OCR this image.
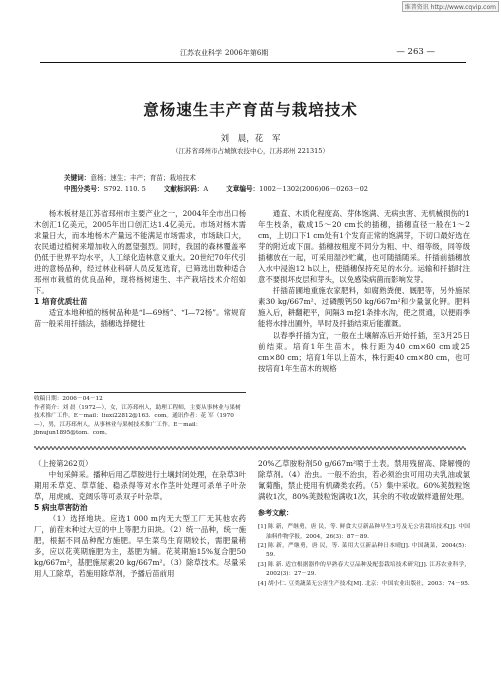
维普资讯 http://www.cqvip.com
江苏农业科学 2006年第6期	— 263 —
意杨速生丰产育苗与栽培技术
刘 晨，花 军
（江苏省邳州市占城镇农技中心，江苏邳州 221315）
关键词：意杨；速生；丰产；育苗；栽培技术
中图分类号：S792. 110. 5	文献标识码：A	文章编号：1002－1302(2006)06－0263－02

杨木板材是江苏省邳州市主要产业之一，2004年全市出口杨木创汇1亿美元，2005年出口创汇达1.4亿美元。市场对杨木需求量日大，而本地杨木产量远不能满足市场需求，市场缺口大，农民通过植树来增加收入的愿望强烈。同时，我国的森林覆盖率仍低于世界平均水平，人工绿化造林意义重大。20世纪70年代引进的意杨品种，经过林业科研人员反复选育，已筛选出数种适合邳州市栽植的优良品种，现将杨树速生、丰产栽培技术介绍如下。

1 培育优质壮苗

适宜本地种植的杨树品种是“I—69杨”、“I—72杨”。常规育苗一般采用扦插法，插穗选择健壮

收稿日期：2006－04－12

作者简介：刘 晨（1972—），女，江苏邳州人，助理工程师，主要从事林业与果树技术推广工作。E－mail：liuxi22812@163．com。通讯作者：花 军（1970—），男，江苏邳州人，从事林业与果树技术推广工作。E－mail：jbnujun1895@tom．com。

通直、木质化程度高、芽体饱满、无病虫害、无机械损伤的1年生枝条，截成15～20 cm长的插穗，插穗直径一般在1～2 cm，上切口下1 cm处有1个发育正常的饱满芽，下切口最好选在芽的附近或下面。插穗按粗度不同分为粗、中、细等级，同等级插穗放在一起，可采用湿沙贮藏，也可随插随采。扦插前插穗放入水中浸泡12 h以上，使插穗保持充足的水分。运输和扦插时注意不要损坏皮层和芽头，以免感染病菌而影响发芽。

扦插苗圃地重施农家肥料，如腐熟粪便、厩肥等，另外施尿素30 kg/667m²、过磷酸钙50 kg/667m²和少量氯化钾。肥料施入后，耕翻耙平，间隔3 m挖1条排水沟，使之贯通，以便雨季能将水排出圃外，旱时及扦插结束后能灌溉。

以春季扦插为宜，一般在土壤解冻后开始扦插，至3月25日前结束。培育1年生苗木，株行距为40 cm×60 cm或25 cm×80 cm；培育1年以上苗木，株行距40 cm×80 cm，也可按培育1年生苗木的规格

（上接第262页）

中旬采鲜采。播种后用乙草胺进行土壤封闭处理，在杂草3叶期用禾草克、草草能、稳杀得等对水作茎叶处理可杀单子叶杂草，用虎威、克阔乐等可杀双子叶杂草。

5 病虫草害防治

（1）选择地块。应选1 000 m内无大型工厂无其他农药厂，前茬未种过大豆的中上等肥力田块。（2）统一品种，统一施肥，根据不同品种配方施肥。早生菜鸟生育期较长，需肥量稍多，应以花荚期施肥为主，基肥为辅。花荚期施15%复合肥50 kg/667m²，基肥施尿素20 kg/667m²。（3）除草技术。尽量采用人工除草，若施用除草剂，予播后苗前用

20%乙草胺粉剂50 g/667m²喷于土表。禁用残留高、降解慢的除草剂。（4）治虫。一般不治虫，若必须治虫可用功夫乳油或氯氰菊酯，禁止使用有机磷类农药。（5）集中采收。60%荚鼓粒饱满收1次，80%荚鼓粒饱满收1次，其余的不收或做样遗留处理。

参考文献：

[1] 陈 新，严继勇，唐 民，等. 鲜食大豆新品种早生3号及无公害栽培技术[J]. 中国油料作物学报，2004，26(3)：87－89.

[2] 陈 新，严继勇，唐 民，等. 菜用大豆新品种日本晴[J]. 中国蔬菜，2004(5)：59.

[3] 陈 新. 适宜根据器作的早熟春大豆品种及配套栽培技术研究[J]. 江苏农业科学，2002(3)：27－29.

[4] 胡小仁. 豆类蔬菜无公害生产技术[M]. 北京：中国农业出版社，2003：74－95.
